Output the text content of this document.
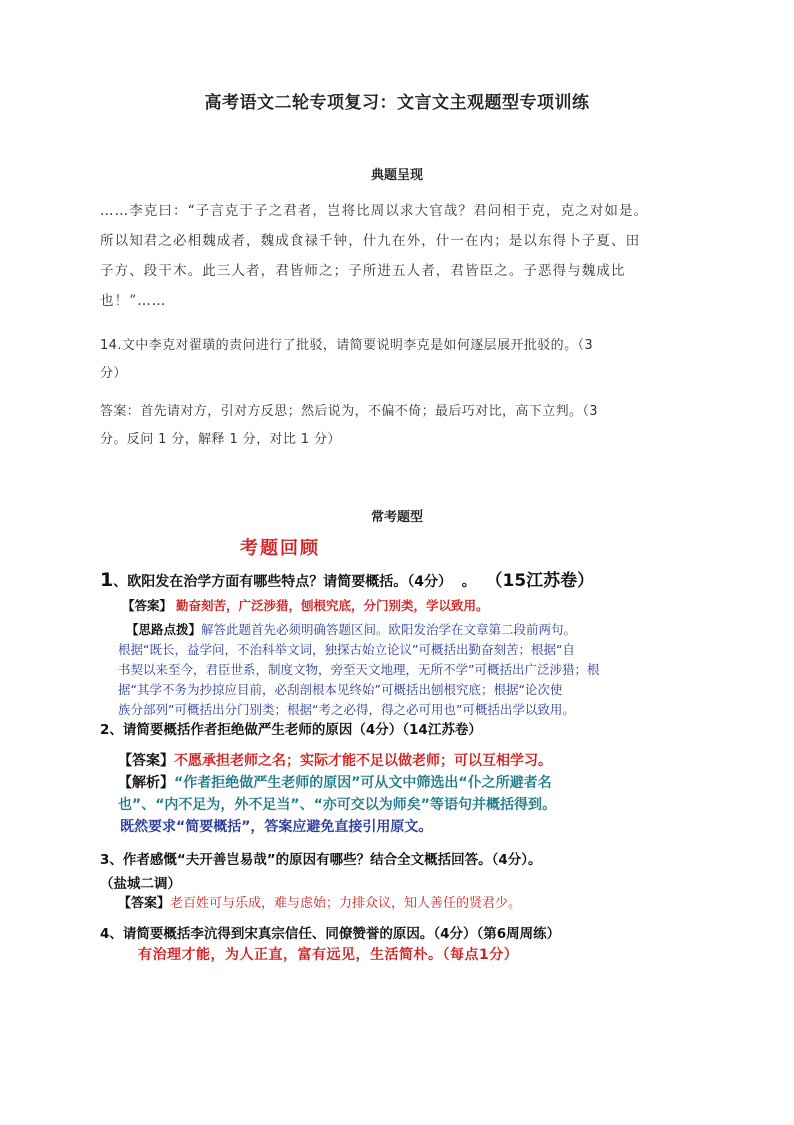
高考语文二轮专项复习：文言文主观题型专项训练
典题呈现

……李克曰：“子言克于子之君者，岂将比周以求大官哉？君问相于克，克之对如是。

所以知君之必相魏成者，魏成食禄千钟，什九在外，什一在内；是以东得卜子夏、田

子方、段干木。此三人者，君皆师之；子所进五人者，君皆臣之。子恶得与魏成比

也！”……

14.文中李克对翟璜的责问进行了批驳，请简要说明李克是如何逐层展开批驳的。（3

分）

答案：首先请对方，引对方反思；然后说为，不偏不倚；最后巧对比，高下立判。（3

分。反问 1 分，解释 1 分，对比 1 分）

常考题型
考题回顾
1、欧阳发在治学方面有哪些特点？请简要概括。（4分） 。 （15江苏卷）
【答案】 勤奋刻苦，广泛涉猎，刨根究底，分门别类，学以致用。

【思路点拨】解答此题首先必须明确答题区间。欧阳发治学在文章第二段前两句。

根据“既长，益学问，不治科举文词，独探古始立论议”可概括出勤奋刻苦；根据“自

书契以来至今，君臣世系，制度文物，旁至天文地理，无所不学”可概括出广泛涉猎；根

据“其学不务为抄掠应目前，必刮剖根本见终始”可概括出刨根究底；根据“论次使

族分部列”可概括出分门别类；根据“考之必得，得之必可用也”可概括出学以致用。

2、请简要概括作者拒绝做严生老师的原因（4分）（14江苏卷）

【答案】不愿承担老师之名；实际才能不足以做老师；可以互相学习。

【解析】“作者拒绝做严生老师的原因”可从文中筛选出“仆之所避者名

也”、“内不足为，外不足当”、“亦可交以为师矣”等语句并概括得到。

既然要求“简要概括”，答案应避免直接引用原文。

3、作者感慨“夫开善岂易哉”的原因有哪些？结合全文概括回答。（4分）。
（盐城二调）
【答案】老百姓可与乐成，难与虑始；力排众议，知人善任的贤君少。
4、请简要概括李沆得到宋真宗信任、同僚赞誉的原因。（4分）（第6周周练）
有治理才能，为人正直，富有远见，生活简朴。（每点1分）
